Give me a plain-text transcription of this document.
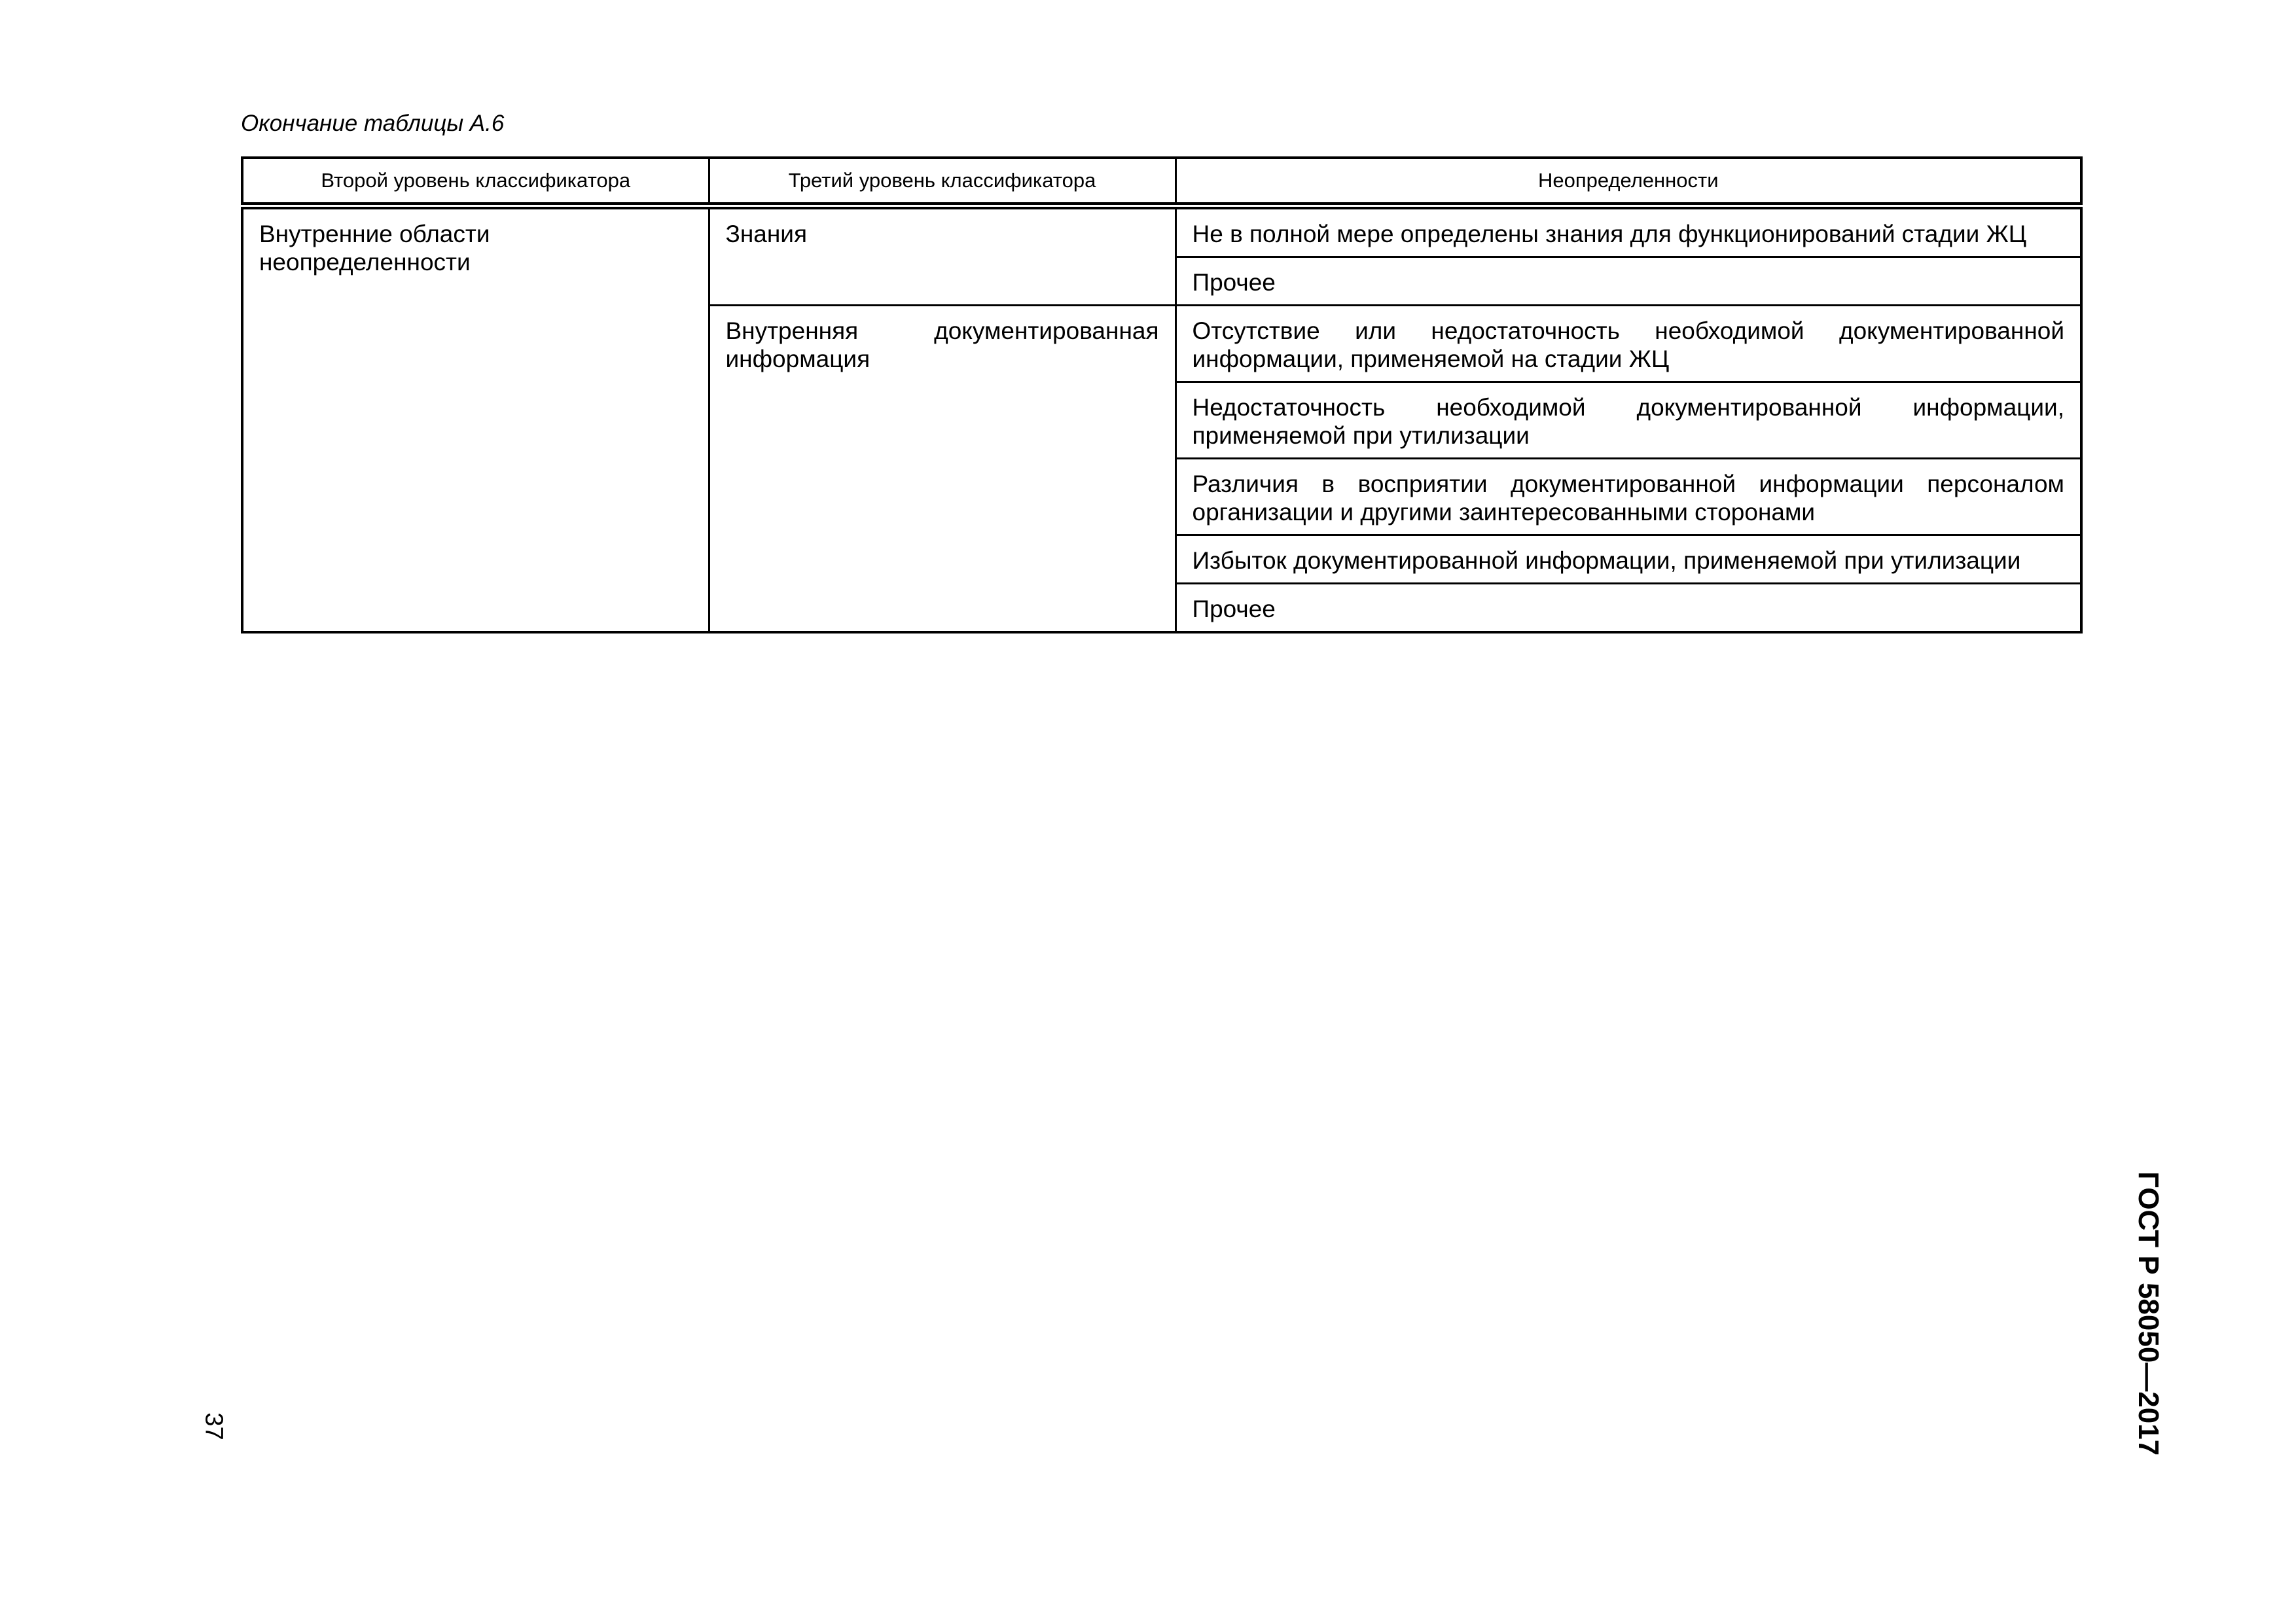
Окончание таблицы А.6
Второй уровень классификатора	Третий уровень классификатора	Неопределенности
Внутренние области неопределенности	Знания	Не в полной мере определены знания для функционирований стадии ЖЦ
		Прочее
	Внутренняя документированная информация	Отсутствие или недостаточность необходимой документированной информации, применяемой на стадии ЖЦ
		Недостаточность необходимой документированной информации, применяемой при утилизации
		Различия в восприятии документированной информации персоналом организации и другими заинтересованными сторонами
		Избыток документированной информации, применяемой при утилизации
		Прочее
37	ГОСТ Р 58050—2017
